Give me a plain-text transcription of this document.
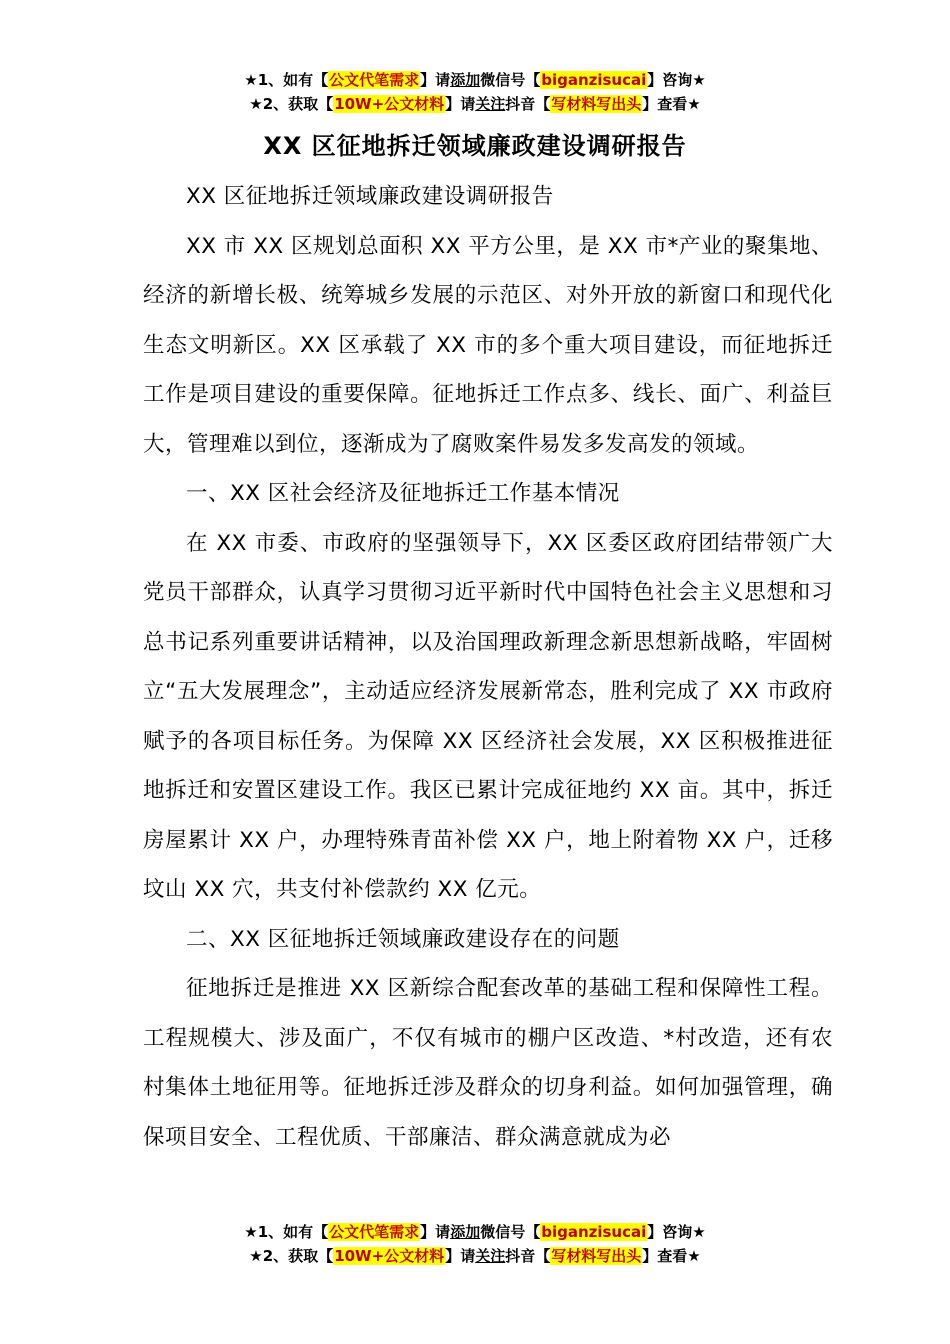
★1、如有【公文代笔需求】请添加微信号【biganzisucai】咨询★
★2、获取【10W+公文材料】请关注抖音【写材料写出头】查看★
XX 区征地拆迁领域廉政建设调研报告

XX 区征地拆迁领域廉政建设调研报告

XX 市 XX 区规划总面积 XX 平方公里，是 XX 市*产业的聚集地、经济的新增长极、统筹城乡发展的示范区、对外开放的新窗口和现代化生态文明新区。XX 区承载了 XX 市的多个重大项目建设，而征地拆迁工作是项目建设的重要保障。征地拆迁工作点多、线长、面广、利益巨大，管理难以到位，逐渐成为了腐败案件易发多发高发的领域。

一、XX 区社会经济及征地拆迁工作基本情况

在 XX 市委、市政府的坚强领导下，XX 区委区政府团结带领广大党员干部群众，认真学习贯彻习近平新时代中国特色社会主义思想和习总书记系列重要讲话精神，以及治国理政新理念新思想新战略，牢固树立“五大发展理念”，主动适应经济发展新常态，胜利完成了 XX 市政府赋予的各项目标任务。为保障 XX 区经济社会发展，XX 区积极推进征地拆迁和安置区建设工作。我区已累计完成征地约 XX 亩。其中，拆迁房屋累计 XX 户，办理特殊青苗补偿 XX 户，地上附着物 XX 户，迁移坟山 XX 穴，共支付补偿款约 XX 亿元。

二、XX 区征地拆迁领域廉政建设存在的问题

征地拆迁是推进 XX 区新综合配套改革的基础工程和保障性工程。工程规模大、涉及面广，不仅有城市的棚户区改造、*村改造，还有农村集体土地征用等。征地拆迁涉及群众的切身利益。如何加强管理，确保项目安全、工程优质、干部廉洁、群众满意就成为必

★1、如有【公文代笔需求】请添加微信号【biganzisucai】咨询★
★2、获取【10W+公文材料】请关注抖音【写材料写出头】查看★
